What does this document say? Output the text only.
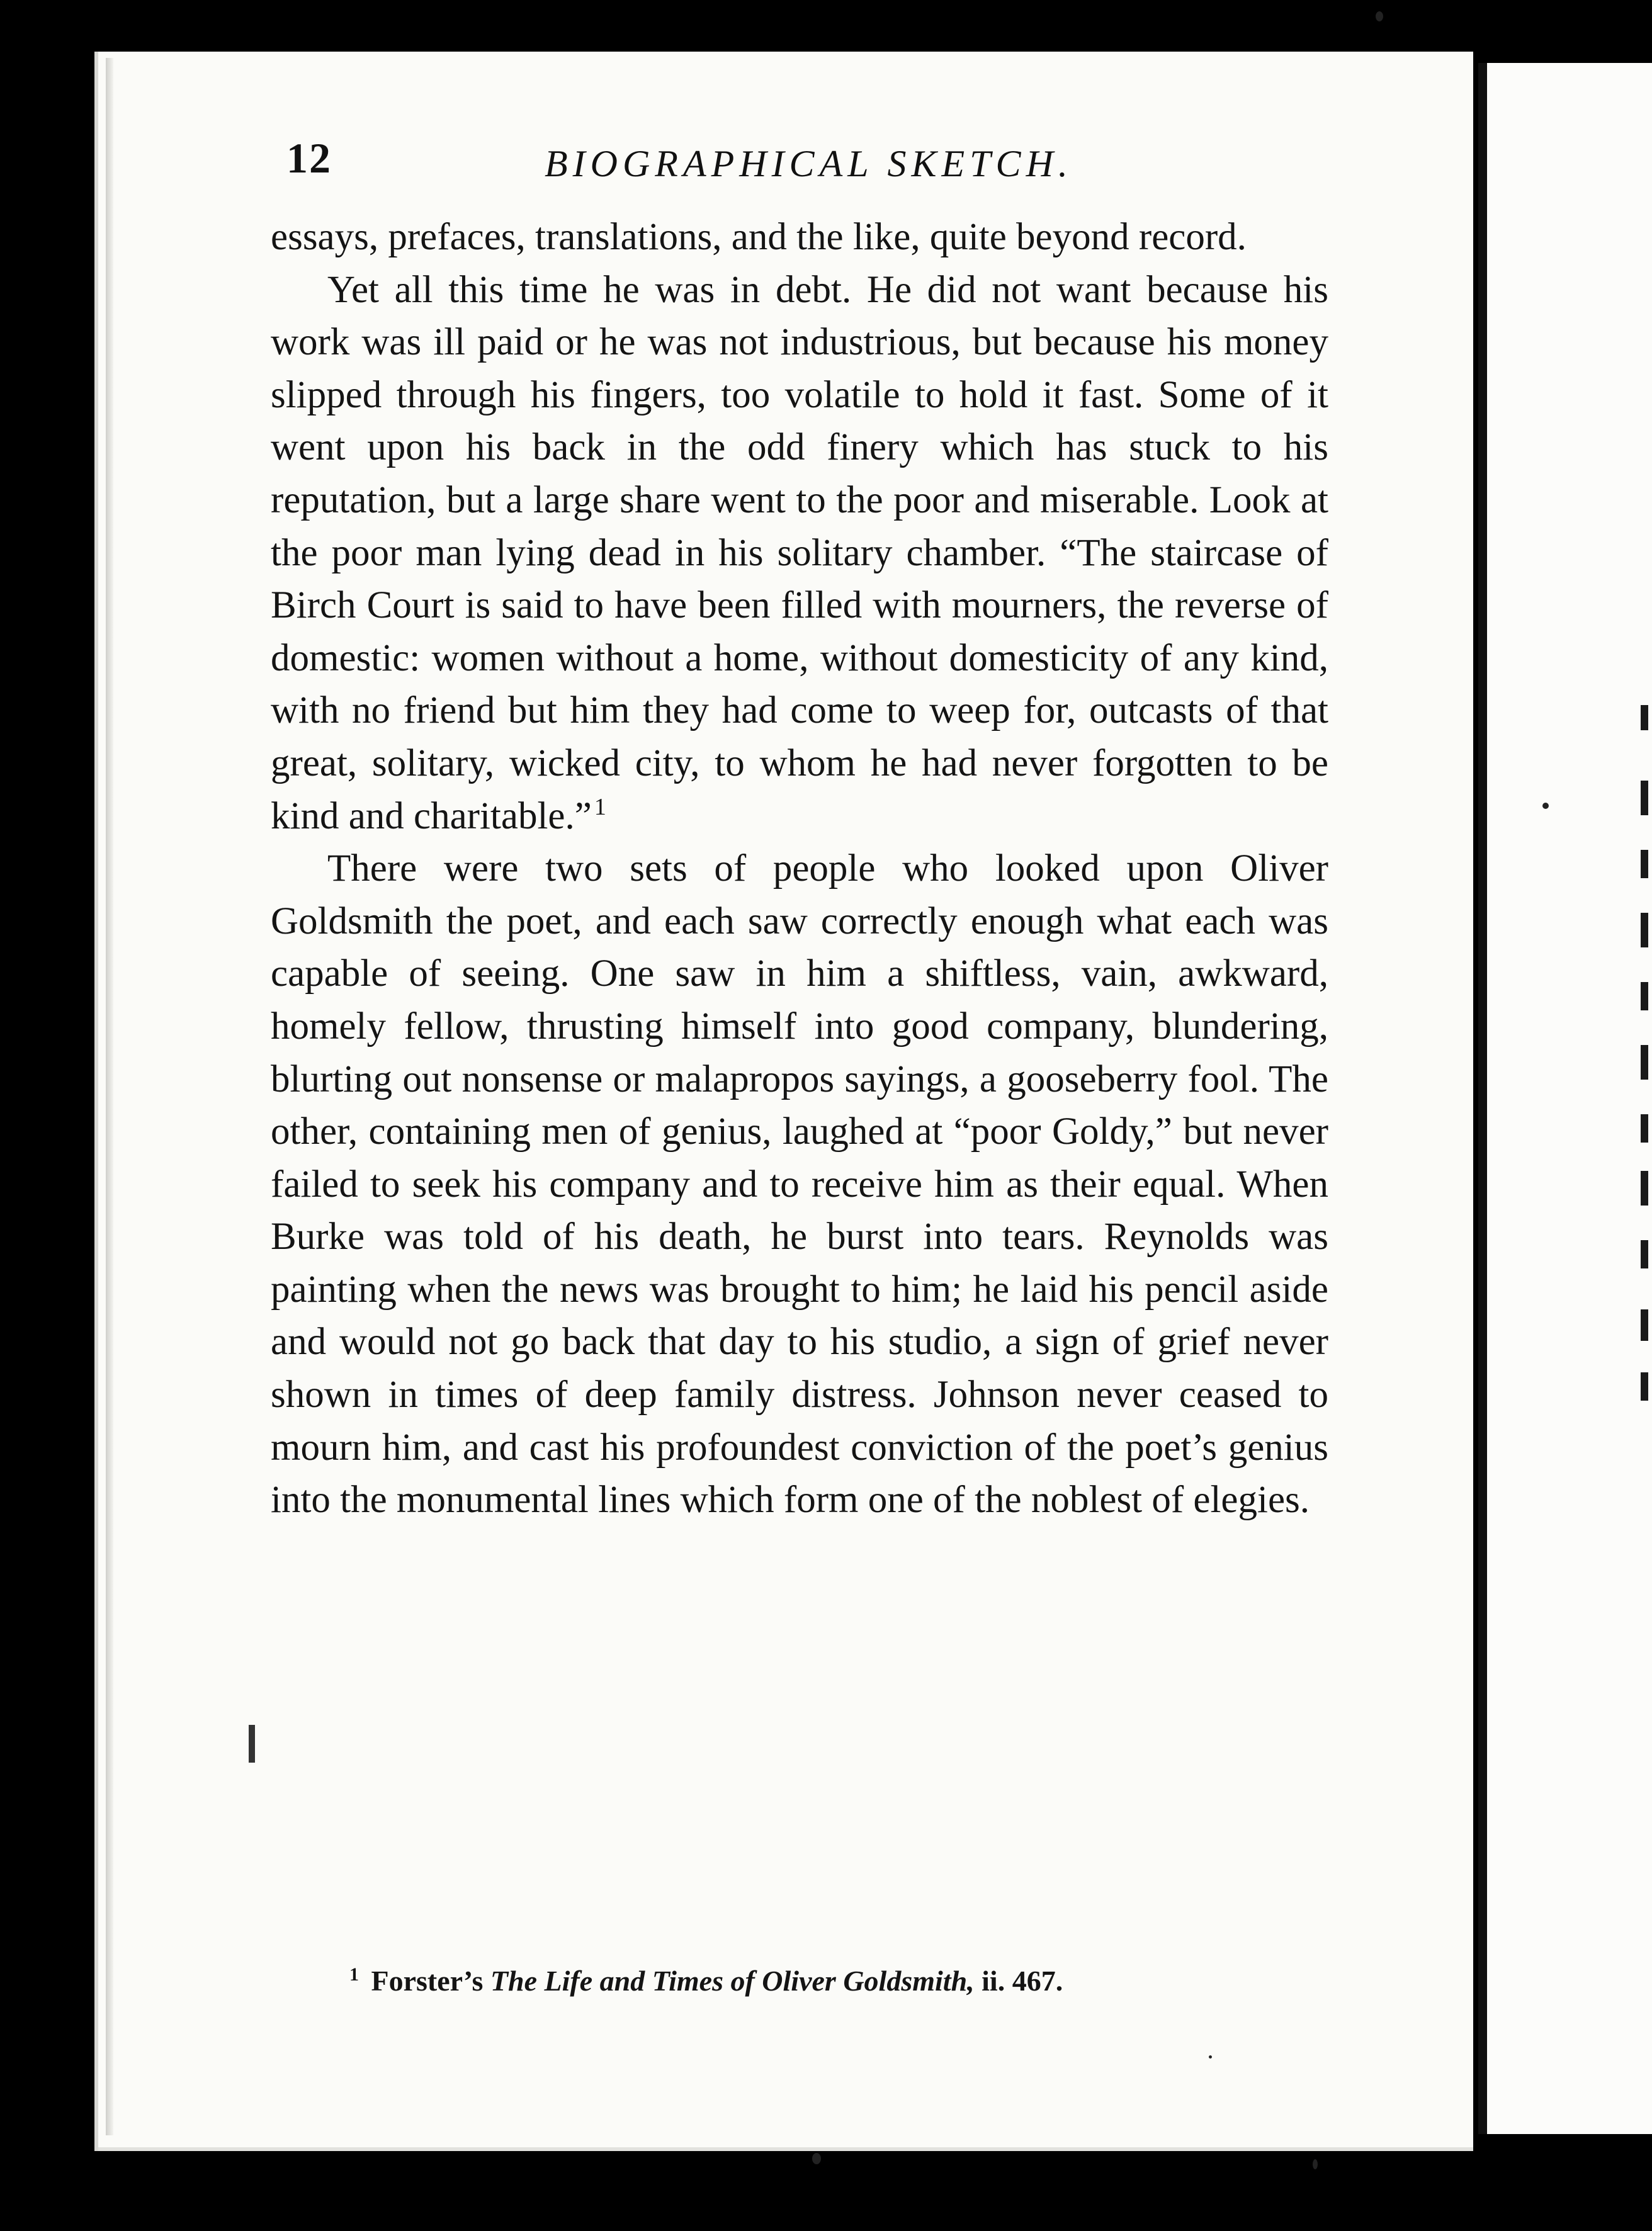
12	BIOGRAPHICAL SKETCH.

essays, prefaces, translations, and the like, quite beyond record.

Yet all this time he was in debt. He did not want because his work was ill paid or he was not industrious, but because his money slipped through his fingers, too volatile to hold it fast. Some of it went upon his back in the odd finery which has stuck to his reputation, but a large share went to the poor and miserable. Look at the poor man lying dead in his solitary chamber. “The staircase of Birch Court is said to have been filled with mourners, the reverse of domestic: women without a home, without domesticity of any kind, with no friend but him they had come to weep for, outcasts of that great, solitary, wicked city, to whom he had never forgotten to be kind and charitable.” $^1$

There were two sets of people who looked upon Oliver Goldsmith the poet, and each saw correctly enough what each was capable of seeing. One saw in him a shiftless, vain, awkward, homely fellow, thrusting himself into good company, blundering, blurting out nonsense or malapropos sayings, a gooseberry fool. The other, containing men of genius, laughed at “poor Goldy,” but never failed to seek his company and to receive him as their equal. When Burke was told of his death, he burst into tears. Reynolds was painting when the news was brought to him; he laid his pencil aside and would not go back that day to his studio, a sign of grief never shown in times of deep family distress. Johnson never ceased to mourn him, and cast his profoundest conviction of the poet’s genius into the monumental lines which form one of the noblest of elegies.

$^1$ Forster’s The Life and Times of Oliver Goldsmith, ii. 467.
